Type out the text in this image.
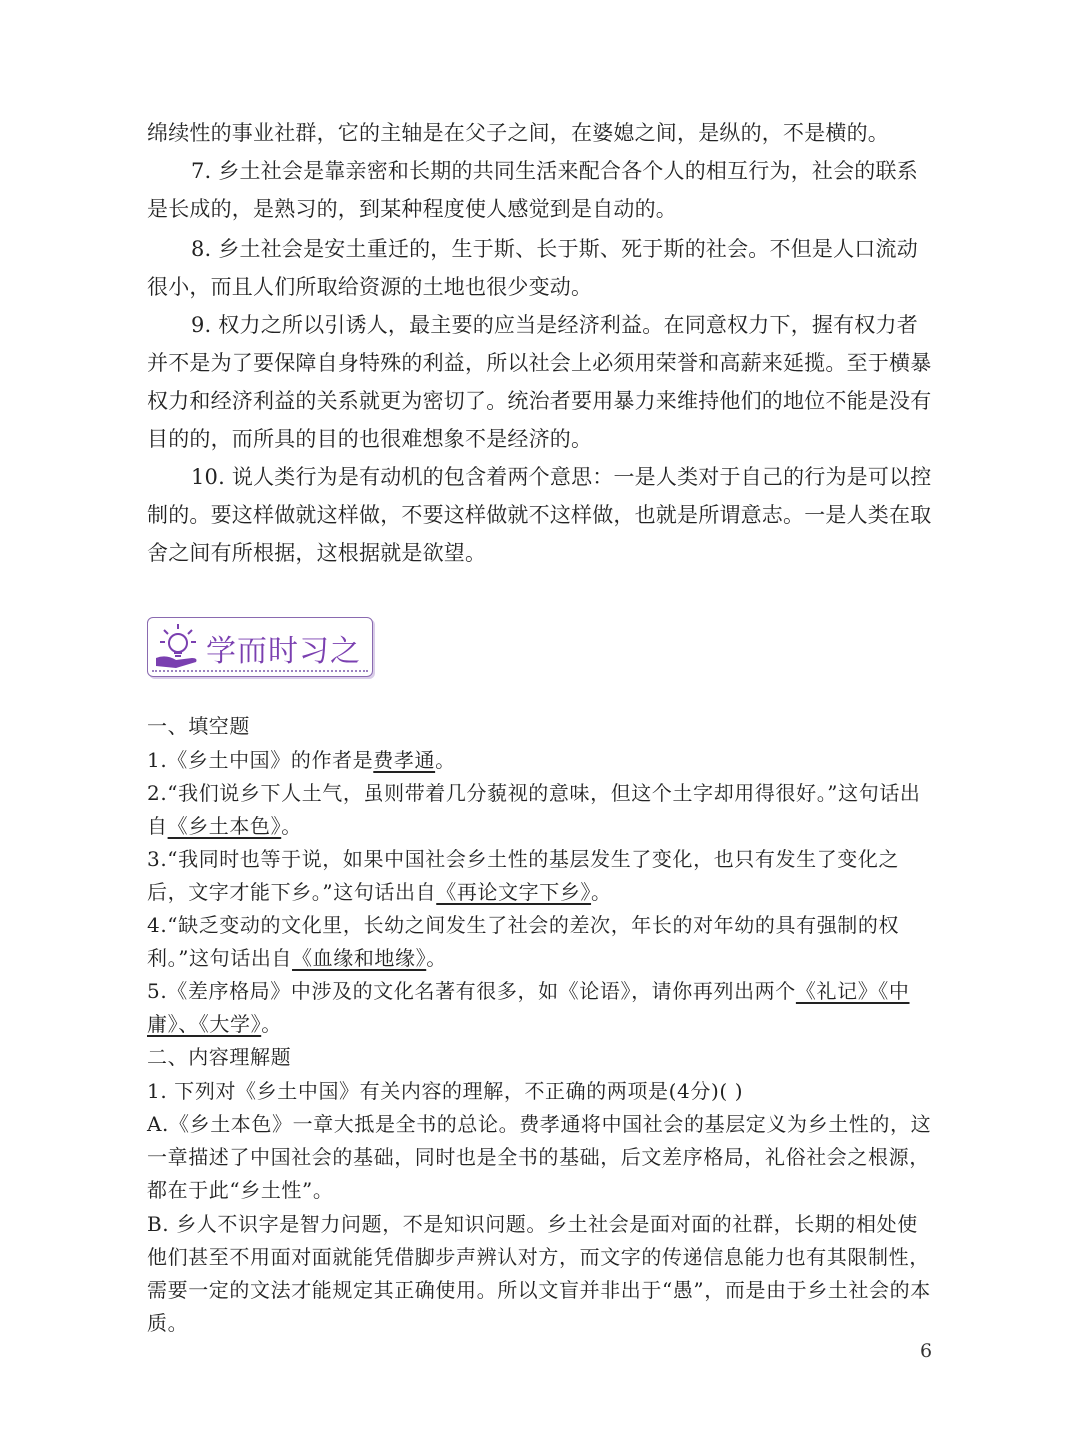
绵续性的事业社群，它的主轴是在父子之间，在婆媳之间，是纵的，不是横的。
7. 乡土社会是靠亲密和长期的共同生活来配合各个人的相互行为，社会的联系是长成的，是熟习的，到某种程度使人感觉到是自动的。
8. 乡土社会是安土重迁的，生于斯、长于斯、死于斯的社会。不但是人口流动很小，而且人们所取给资源的土地也很少变动。
9. 权力之所以引诱人，最主要的应当是经济利益。在同意权力下，握有权力者并不是为了要保障自身特殊的利益，所以社会上必须用荣誉和高薪来延揽。至于横暴权力和经济利益的关系就更为密切了。统治者要用暴力来维持他们的地位不能是没有目的的，而所具的目的也很难想象不是经济的。
10. 说人类行为是有动机的包含着两个意思：一是人类对于自己的行为是可以控制的。要这样做就这样做，不要这样做就不这样做，也就是所谓意志。一是人类在取舍之间有所根据，这根据就是欲望。
学而时习之
一、填空题
1.《乡土中国》的作者是费孝通。
2.“我们说乡下人土气，虽则带着几分藐视的意味，但这个土字却用得很好。”这句话出自《乡土本色》。
3.“我同时也等于说，如果中国社会乡土性的基层发生了变化，也只有发生了变化之后，文字才能下乡。”这句话出自《再论文字下乡》。
4.“缺乏变动的文化里，长幼之间发生了社会的差次，年长的对年幼的具有强制的权利。”这句话出自《血缘和地缘》。
5.《差序格局》中涉及的文化名著有很多，如《论语》，请你再列出两个《礼记》《中庸》、《大学》。
二、内容理解题
1. 下列对《乡土中国》有关内容的理解，不正确的两项是(4分)( )
A.《乡土本色》一章大抵是全书的总论。费孝通将中国社会的基层定义为乡土性的，这一章描述了中国社会的基础，同时也是全书的基础，后文差序格局，礼俗社会之根源，都在于此“乡土性”。
B. 乡人不识字是智力问题，不是知识问题。乡土社会是面对面的社群，长期的相处使他们甚至不用面对面就能凭借脚步声辨认对方，而文字的传递信息能力也有其限制性，需要一定的文法才能规定其正确使用。所以文盲并非出于“愚”，而是由于乡土社会的本质。
6
